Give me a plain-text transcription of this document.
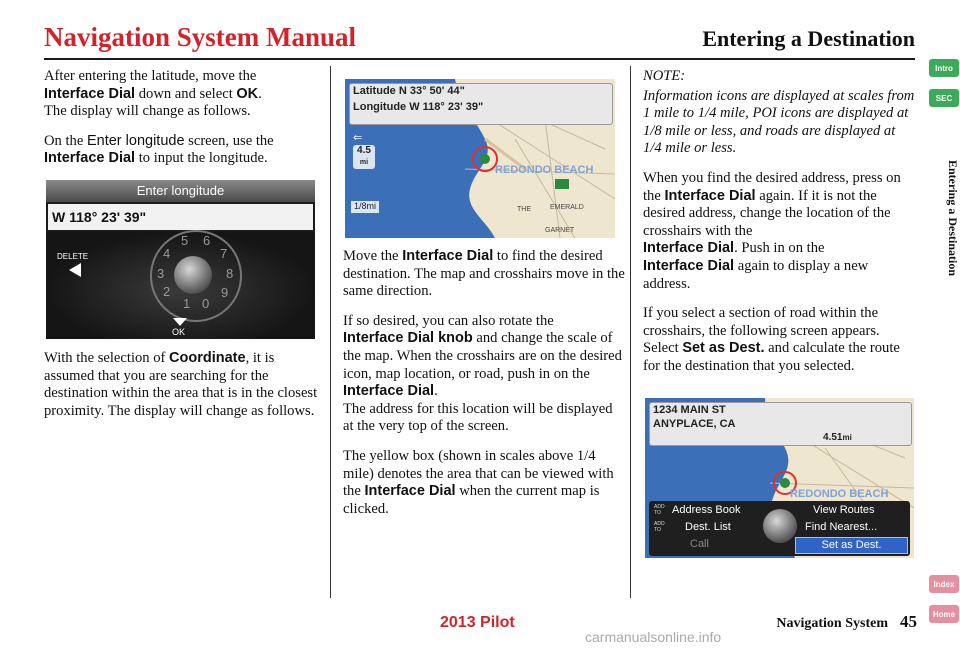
Navigation System Manual	Entering a Destination
Entering a Destination
Intro
SEC
Index
Home

After entering the latitude, move the
Interface Dial down and select OK.
The display will change as follows.

On the Enter longitude screen, use the
Interface Dial to input the longitude.

Enter longitude
W 118° 23' 39"
DELETE
5 6
7
8
9
0
1
2
3
4
OK

With the selection of Coordinate, it is assumed that you are searching for the destination within the area that is in the closest proximity. The display will change as follows.

Latitude N 33° 50' 44"
Longitude W 118° 23' 39"
⇐
4.5
mi
1/8mi
REDONDO BEACH
EMERALD
GARNET
THE

Move the Interface Dial to find the desired destination. The map and crosshairs move in the same direction.

If so desired, you can also rotate the
Interface Dial knob and change the scale of the map. When the crosshairs are on the desired icon, map location, or road, push in on the Interface Dial.
The address for this location will be displayed at the very top of the screen.

The yellow box (shown in scales above 1/4 mile) denotes the area that can be viewed with the Interface Dial when the current map is clicked.

NOTE:

Information icons are displayed at scales from 1 mile to 1/4 mile, POI icons are displayed at 1/8 mile or less, and roads are displayed at 1/4 mile or less.

When you find the desired address, press on the Interface Dial again. If it is not the desired address, change the location of the crosshairs with the
Interface Dial. Push in on the
Interface Dial again to display a new address.

If you select a section of road within the crosshairs, the following screen appears. Select Set as Dest. and calculate the route for the destination that you selected.

1234 MAIN ST
ANYPLACE, CA
4.51mi
REDONDO BEACH
ADD TO
ADD TO
Address Book	View Routes
Dest. List	Find Nearest...
Call	Set as Dest.
Navigation System 45
2013 Pilot
carmanualsonline.info
